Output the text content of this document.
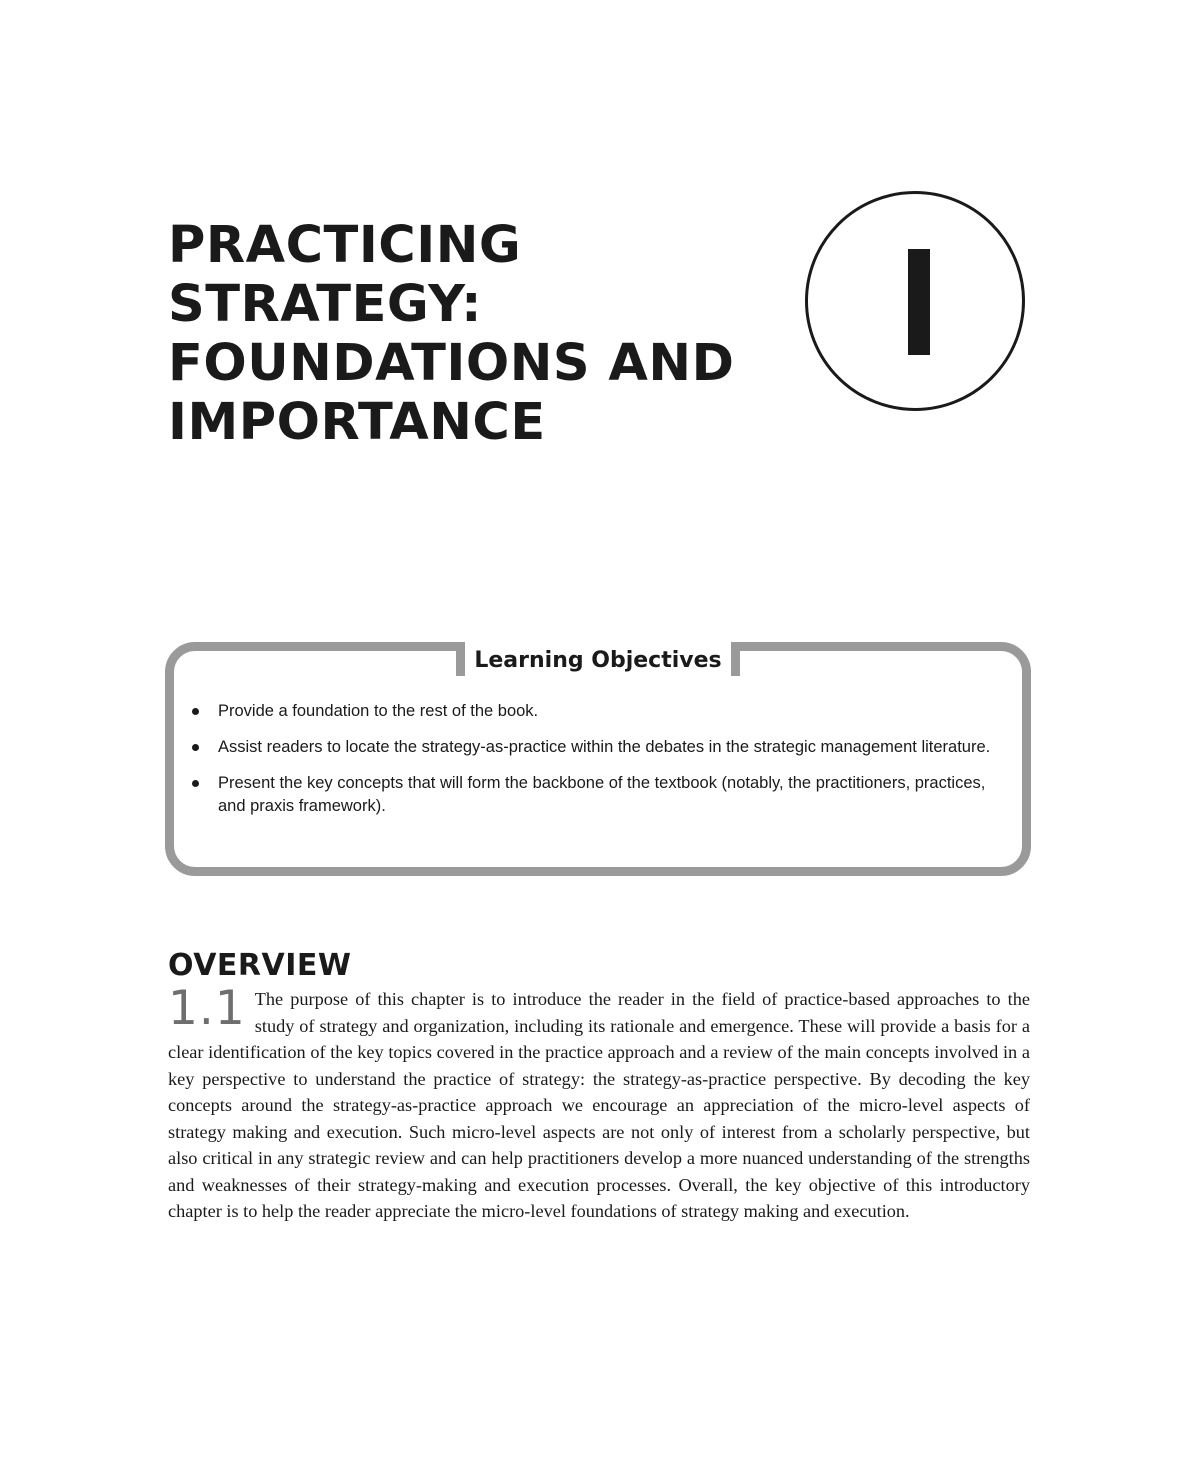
PRACTICING
STRATEGY:
FOUNDATIONS AND
IMPORTANCE
Learning Objectives
Provide a foundation to the rest of the book.
Assist readers to locate the strategy-as-practice within the debates in the strategic management literature.
Present the key concepts that will form the backbone of the textbook (notably, the practitioners, practices, and praxis framework).
OVERVIEW
1.1 The purpose of this chapter is to introduce the reader in the field of practice-based approaches to the study of strategy and organization, including its rationale and emergence. These will provide a basis for a clear identification of the key topics covered in the practice approach and a review of the main concepts involved in a key perspective to understand the practice of strategy: the strategy-as-practice perspective. By decoding the key concepts around the strategy-as-practice approach we encourage an appreciation of the micro-level aspects of strategy making and execution. Such micro-level aspects are not only of interest from a scholarly perspective, but also critical in any strategic review and can help practitioners develop a more nuanced understanding of the strengths and weaknesses of their strategy-making and execution processes. Overall, the key objective of this introductory chapter is to help the reader appreciate the micro-level foundations of strategy making and execution.
